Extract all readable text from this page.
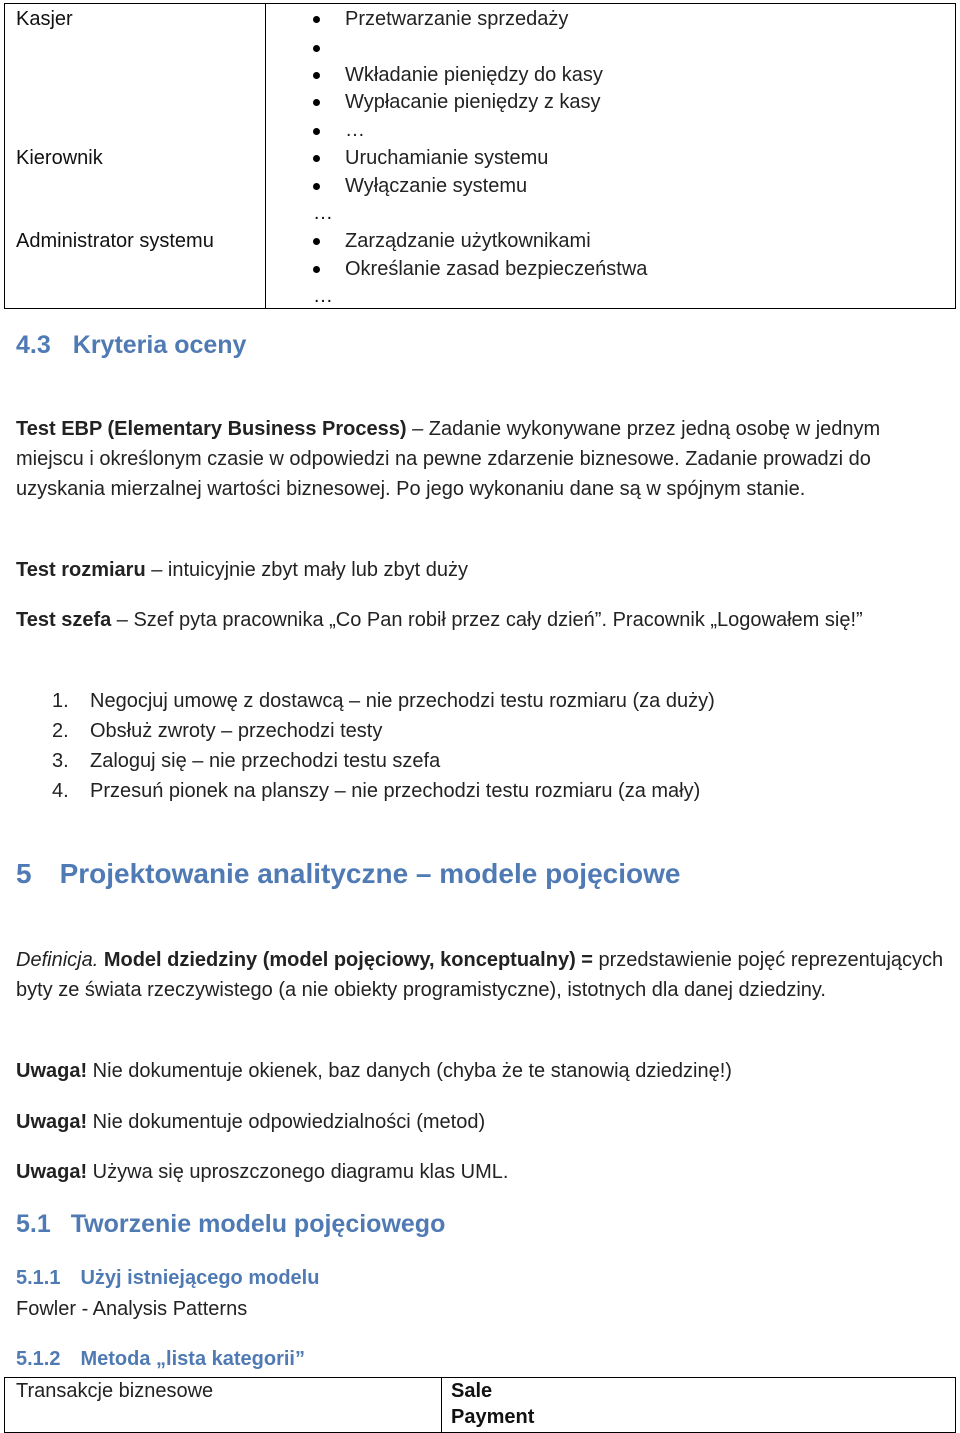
Kasjer
Kierownik
Administrator systemu
Przetwarzanie sprzedaży
Wkładanie pieniędzy do kasy
Wypłacanie pieniędzy z kasy
…
Uruchamianie systemu
Wyłączanie systemu
…
Zarządzanie użytkownikami
Określanie zasad bezpieczeństwa
…
4.3 Kryteria oceny

Test EBP (Elementary Business Process) – Zadanie wykonywane przez jedną osobę w jednym miejscu i określonym czasie w odpowiedzi na pewne zdarzenie biznesowe. Zadanie prowadzi do uzyskania mierzalnej wartości biznesowej. Po jego wykonaniu dane są w spójnym stanie.

Test rozmiaru – intuicyjnie zbyt mały lub zbyt duży

Test szefa – Szef pyta pracownika „Co Pan robił przez cały dzień”. Pracownik „Logowałem się!”

1. Negocjuj umowę z dostawcą – nie przechodzi testu rozmiaru (za duży)
2. Obsłuż zwroty – przechodzi testy
3. Zaloguj się – nie przechodzi testu szefa
4. Przesuń pionek na planszy – nie przechodzi testu rozmiaru (za mały)
5 Projektowanie analityczne – modele pojęciowe

Definicja. Model dziedziny (model pojęciowy, konceptualny) = przedstawienie pojęć reprezentujących byty ze świata rzeczywistego (a nie obiekty programistyczne), istotnych dla danej dziedziny.

Uwaga! Nie dokumentuje okienek, baz danych (chyba że te stanowią dziedzinę!)

Uwaga! Nie dokumentuje odpowiedzialności (metod)

Uwaga! Używa się uproszczonego diagramu klas UML.

5.1 Tworzenie modelu pojęciowego
5.1.1 Użyj istniejącego modelu
Fowler - Analysis Patterns
5.1.2 Metoda „lista kategorii”
Transakcje biznesowe	Sale
Payment
